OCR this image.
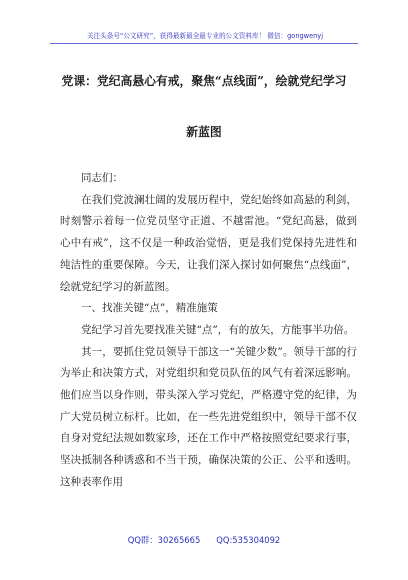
关注头条号“公文研究”，获得最新最全最专业的公文资料库！ 微信：gongwenyj
党课：党纪高悬心有戒，聚焦“点线面”，绘就党纪学习
新蓝图

同志们：

在我们党波澜壮阔的发展历程中，党纪始终如高悬的利剑，时刻警示着每一位党员坚守正道、不越雷池。“党纪高悬，做到心中有戒”，这不仅是一种政治觉悟，更是我们党保持先进性和纯洁性的重要保障。今天，让我们深入探讨如何聚焦“点线面”，绘就党纪学习的新蓝图。

一、找准关键“点”，精准施策

党纪学习首先要找准关键“点”，有的放矢，方能事半功倍。

其一，要抓住党员领导干部这一“关键少数”。领导干部的行为举止和决策方式，对党组织和党员队伍的风气有着深远影响。他们应当以身作则，带头深入学习党纪，严格遵守党的纪律，为广大党员树立标杆。比如，在一些先进党组织中，领导干部不仅自身对党纪法规如数家珍，还在工作中严格按照党纪要求行事，坚决抵制各种诱惑和不当干预，确保决策的公正、公平和透明。这种表率作用

QQ群：30265665 QQ:535304092
